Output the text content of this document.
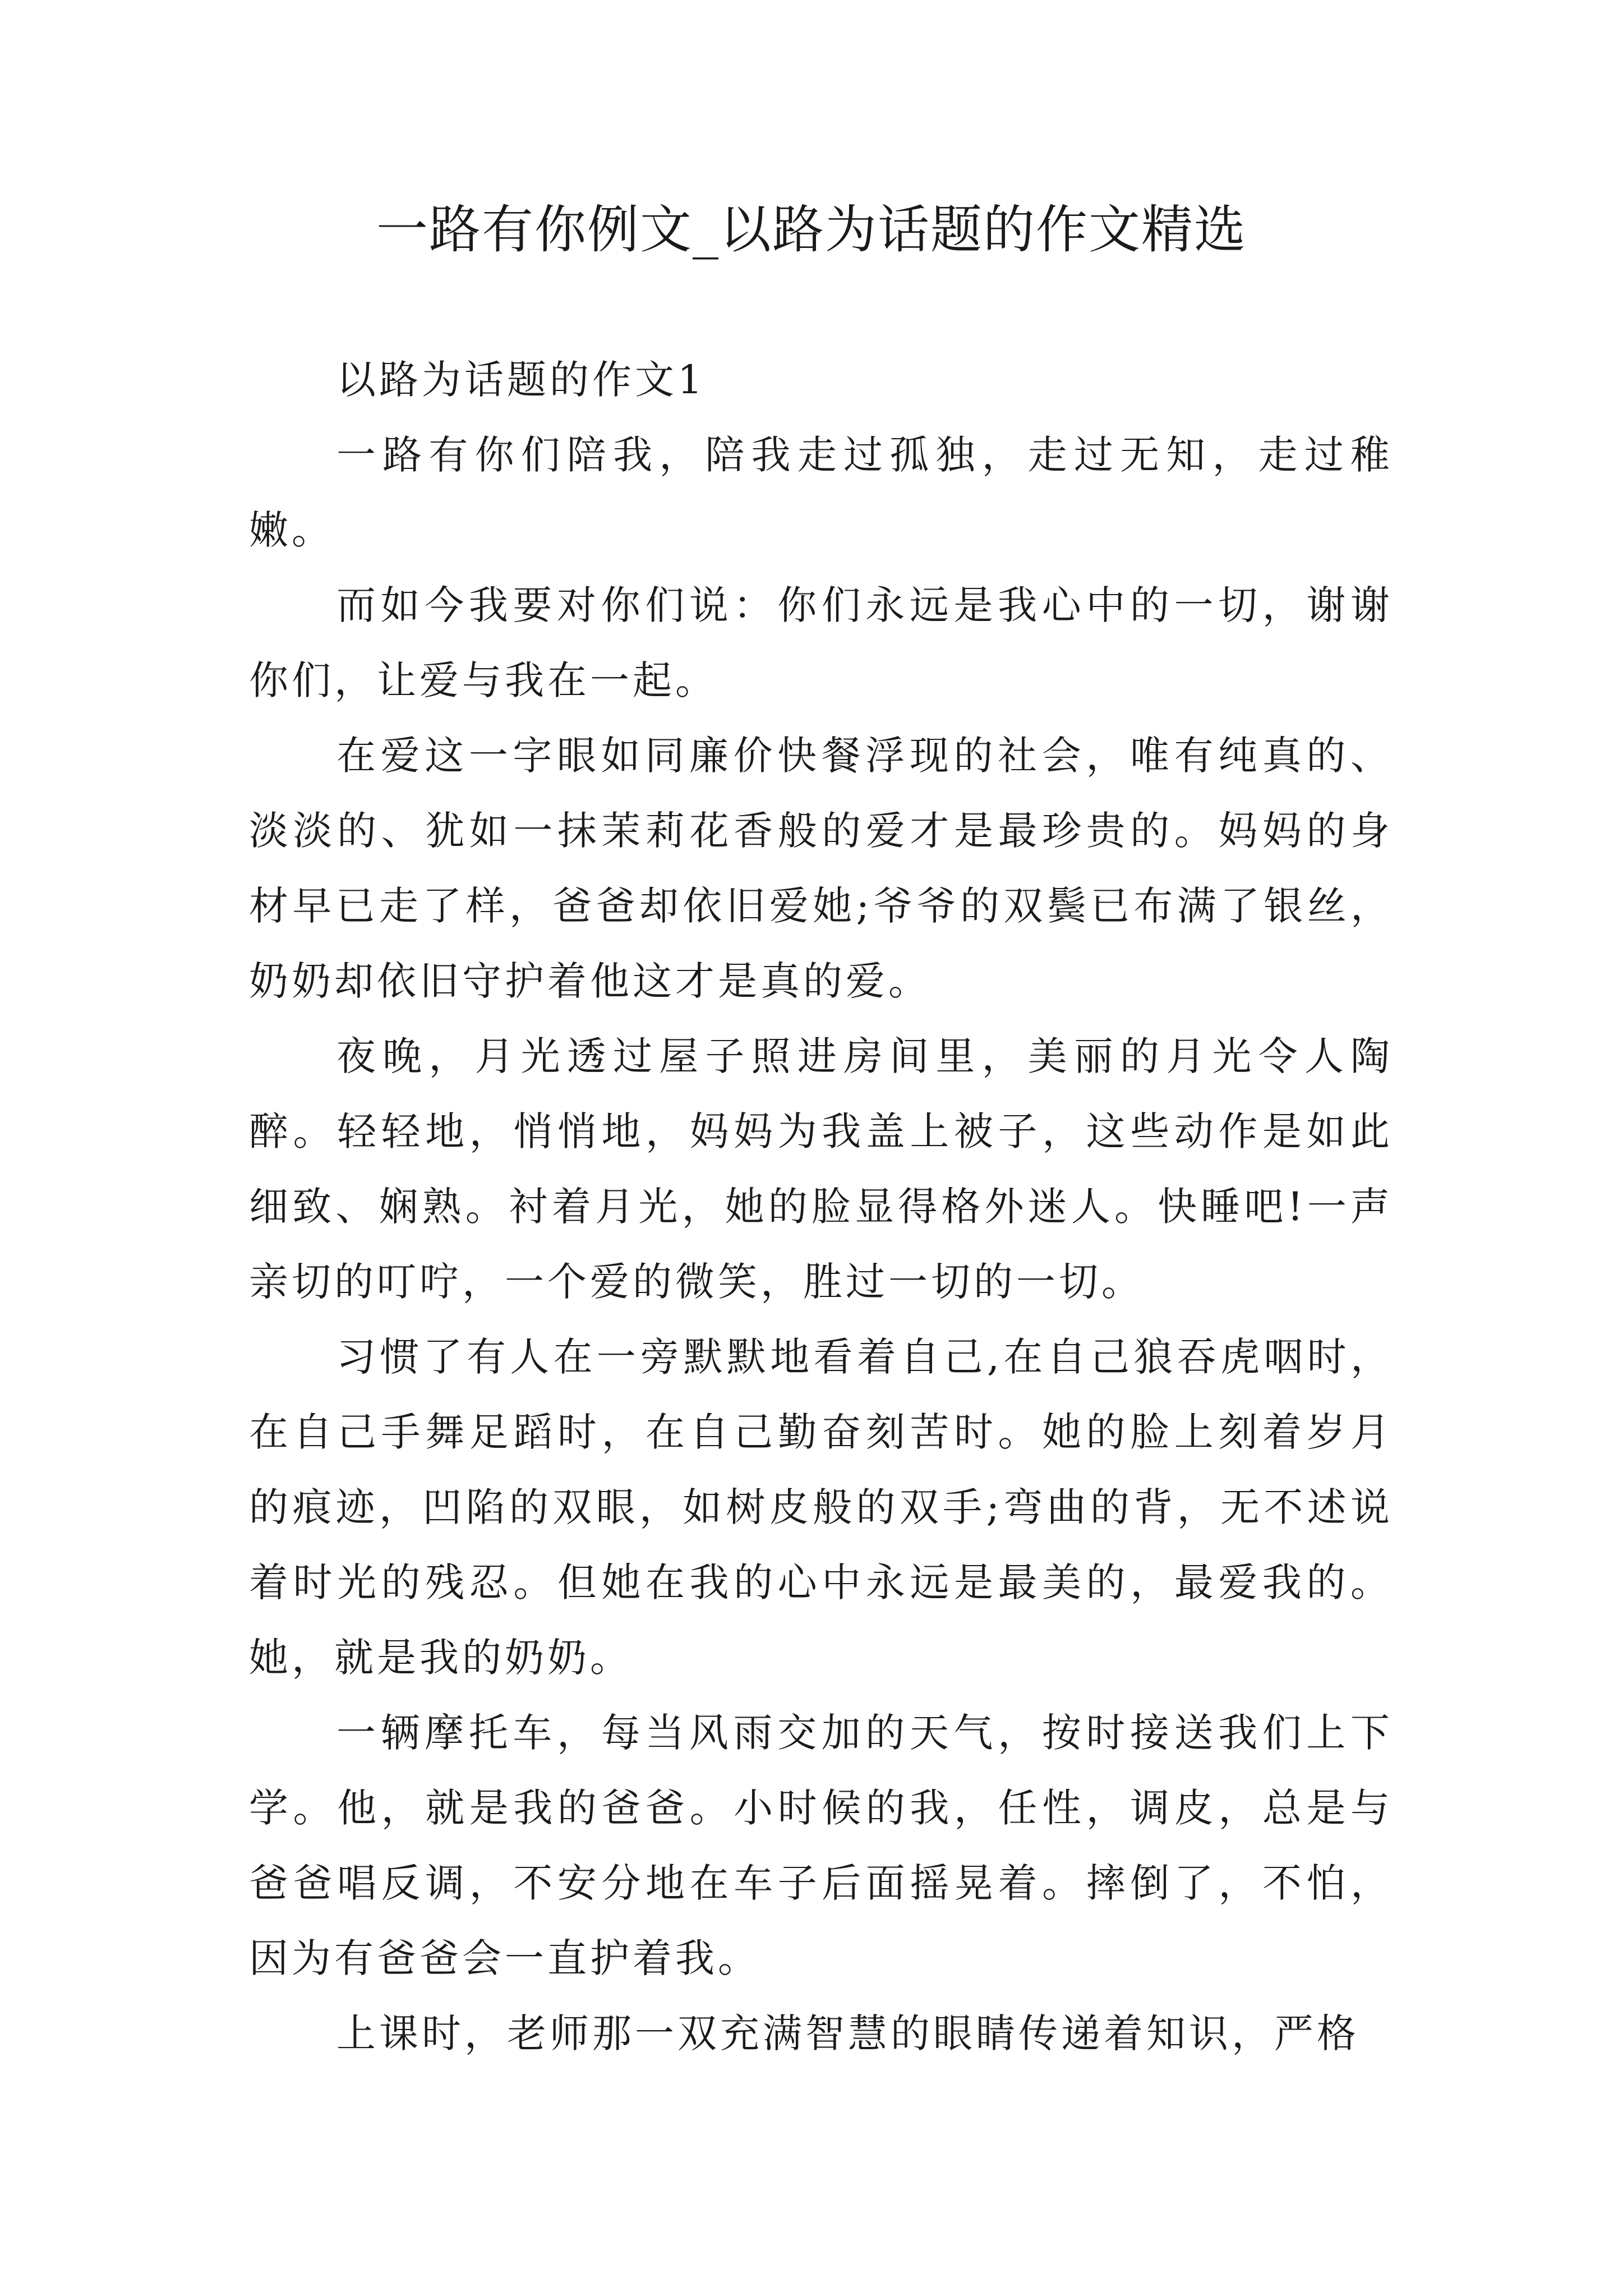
一路有你例文_以路为话题的作文精选

以路为话题的作文1

一路有你们陪我，陪我走过孤独，走过无知，走过稚嫩。

而如今我要对你们说：你们永远是我心中的一切，谢谢你们，让爱与我在一起。

在爱这一字眼如同廉价快餐浮现的社会，唯有纯真的、淡淡的、犹如一抹茉莉花香般的爱才是最珍贵的。妈妈的身材早已走了样，爸爸却依旧爱她;爷爷的双鬓已布满了银丝，奶奶却依旧守护着他这才是真的爱。

夜晚，月光透过屋子照进房间里，美丽的月光令人陶醉。轻轻地，悄悄地，妈妈为我盖上被子，这些动作是如此细致、娴熟。衬着月光，她的脸显得格外迷人。快睡吧!一声亲切的叮咛，一个爱的微笑，胜过一切的一切。

习惯了有人在一旁默默地看着自己,在自己狼吞虎咽时，在自己手舞足蹈时，在自己勤奋刻苦时。她的脸上刻着岁月的痕迹，凹陷的双眼，如树皮般的双手;弯曲的背，无不述说着时光的残忍。但她在我的心中永远是最美的，最爱我的。她，就是我的奶奶。

一辆摩托车，每当风雨交加的天气，按时接送我们上下学。他，就是我的爸爸。小时候的我，任性，调皮，总是与爸爸唱反调，不安分地在车子后面摇晃着。摔倒了，不怕，因为有爸爸会一直护着我。

上课时，老师那一双充满智慧的眼睛传递着知识，严格
